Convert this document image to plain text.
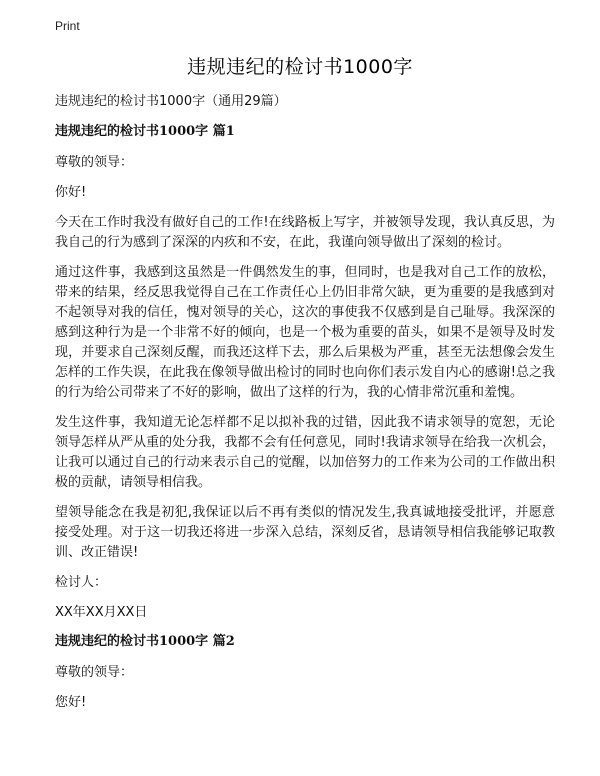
Print
违规违纪的检讨书1000字
违规违纪的检讨书1000字（通用29篇）
违规违纪的检讨书1000字 篇1
尊敬的领导：
你好!
今天在工作时我没有做好自己的工作!在线路板上写字，并被领导发现，我认真反思，为我自己的行为感到了深深的内疚和不安，在此，我谨向领导做出了深刻的检讨。
通过这件事，我感到这虽然是一件偶然发生的事，但同时，也是我对自己工作的放松，带来的结果，经反思我觉得自己在工作责任心上仍旧非常欠缺，更为重要的是我感到对不起领导对我的信任，愧对领导的关心，这次的事使我不仅感到是自己耻辱。我深深的感到这种行为是一个非常不好的倾向，也是一个极为重要的苗头，如果不是领导及时发现，并要求自己深刻反醒，而我还这样下去，那么后果极为严重，甚至无法想像会发生怎样的工作失误，在此我在像领导做出检讨的同时也向你们表示发自内心的感谢!总之我的行为给公司带来了不好的影响，做出了这样的行为，我的心情非常沉重和羞愧。
发生这件事，我知道无论怎样都不足以拟补我的过错，因此我不请求领导的宽恕，无论领导怎样从严从重的处分我，我都不会有任何意见，同时!我请求领导在给我一次机会，让我可以通过自己的行动来表示自己的觉醒，以加倍努力的工作来为公司的工作做出积极的贡献，请领导相信我。
望领导能念在我是初犯,我保证以后不再有类似的情况发生,我真诚地接受批评，并愿意接受处理。对于这一切我还将进一步深入总结，深刻反省，恳请领导相信我能够记取教训、改正错误!
检讨人：
XX年XX月XX日
违规违纪的检讨书1000字 篇2
尊敬的领导：
您好!
